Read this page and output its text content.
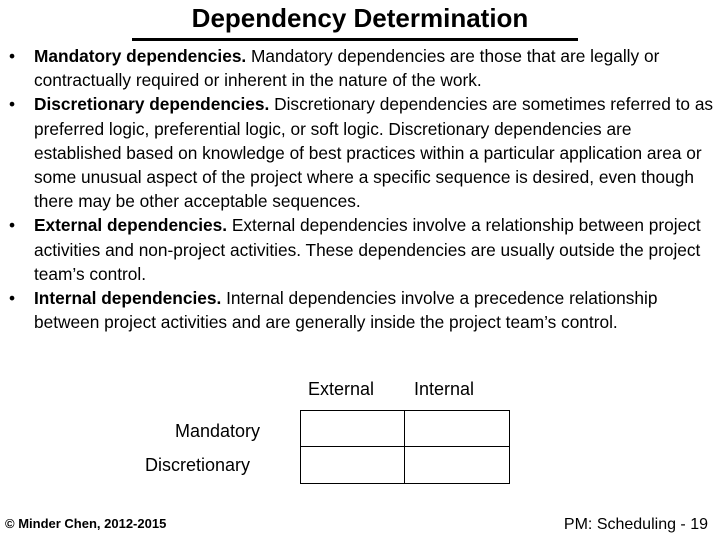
Dependency Determination
• Mandatory dependencies. Mandatory dependencies are those that are legally or contractually required or inherent in the nature of the work.
• Discretionary dependencies. Discretionary dependencies are sometimes referred to as preferred logic, preferential logic, or soft logic. Discretionary dependencies are established based on knowledge of best practices within a particular application area or some unusual aspect of the project where a specific sequence is desired, even though there may be other acceptable sequences.
• External dependencies. External dependencies involve a relationship between project activities and non-project activities. These dependencies are usually outside the project team’s control.
• Internal dependencies. Internal dependencies involve a precedence relationship between project activities and are generally inside the project team’s control.
External Internal
Mandatory
Discretionary
© Minder Chen, 2012-2015	PM: Scheduling - 19
